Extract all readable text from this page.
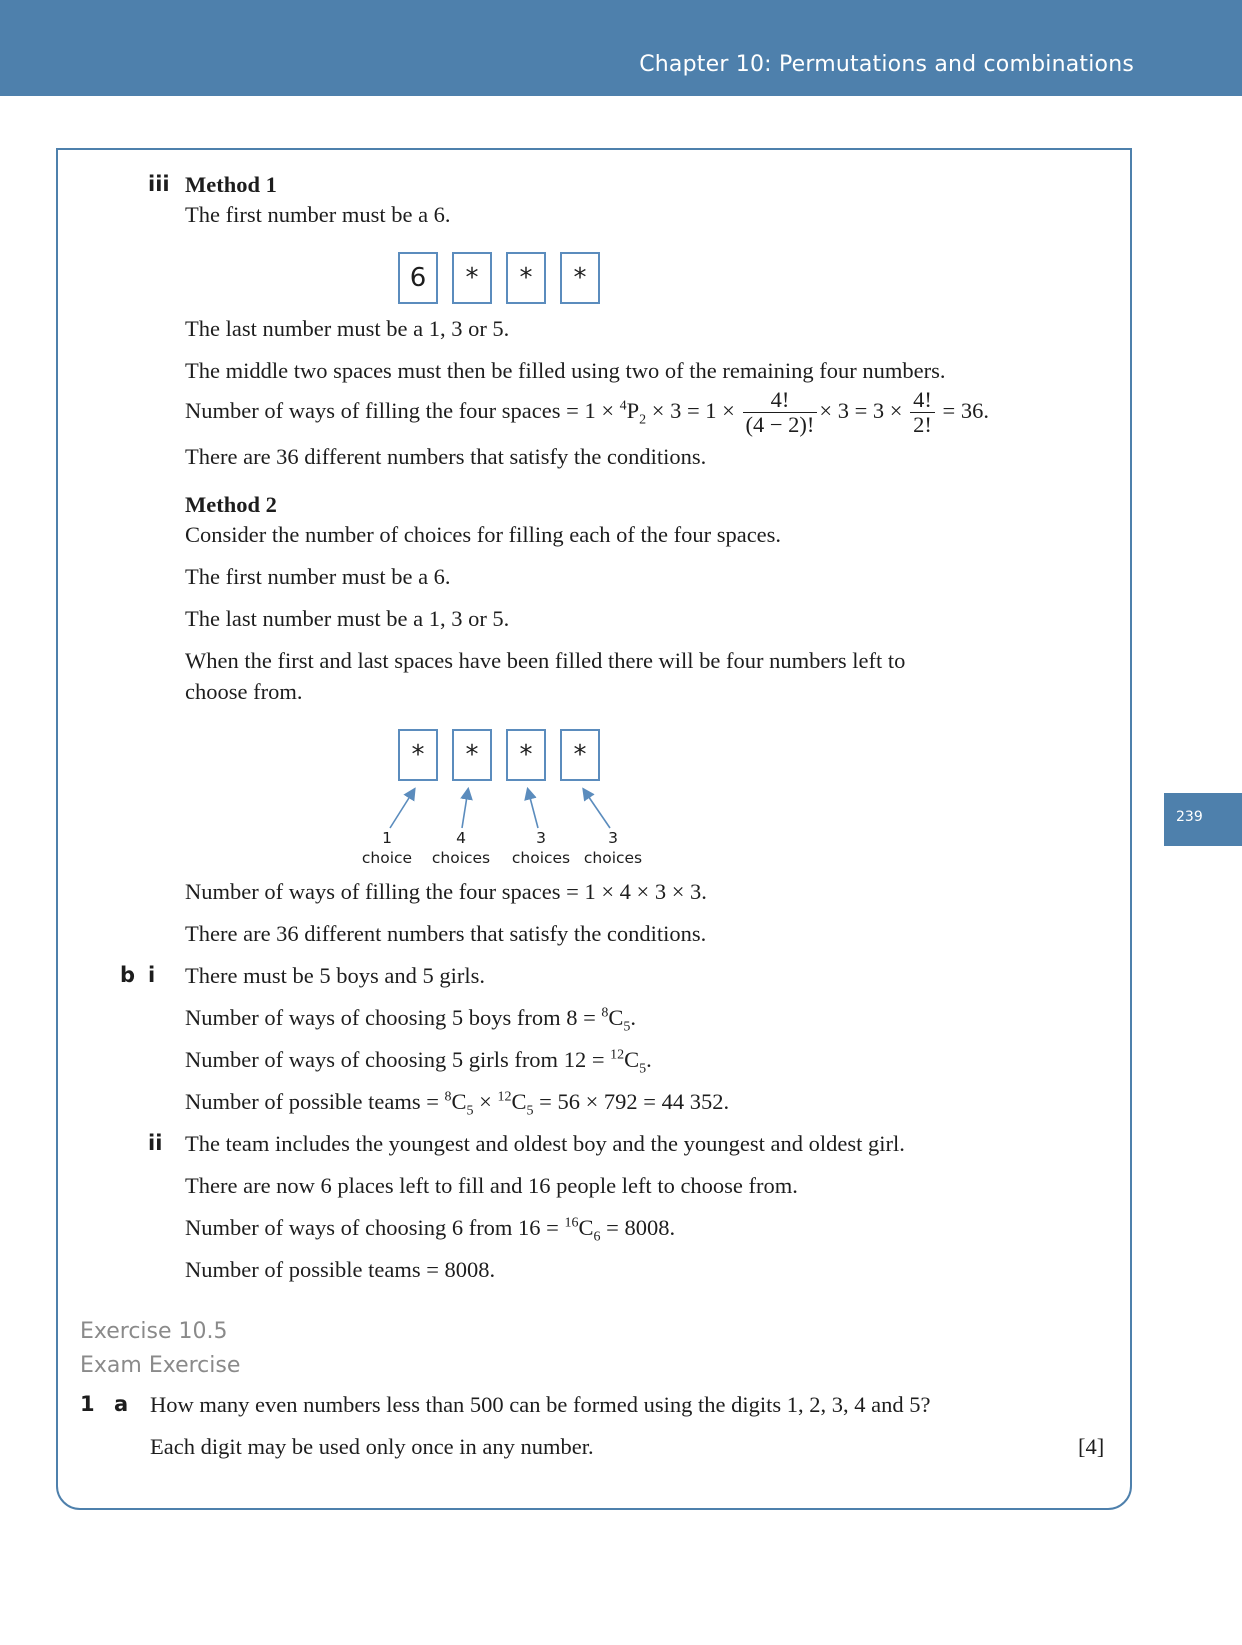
Chapter 10: Permutations and combinations
239
iii Method 1
The first number must be a 6.
6	*	*	*
The last number must be a 1, 3 or 5.
The middle two spaces must then be filled using two of the remaining four numbers.
Number of ways of filling the four spaces = $1 \times ^4P_2 \times 3 = 1 \times \frac{4!}{(4 - 2)!} \times 3 = 3 \times \frac{4!}{2!} = 36$.
There are 36 different numbers that satisfy the conditions.
Method 2
Consider the number of choices for filling each of the four spaces.
The first number must be a 6.
The last number must be a 1, 3 or 5.
When the first and last spaces have been filled there will be four numbers left to
choose from.
*	*	*	*
1
choice
4
choices
3
choices
3
choices
Number of ways of filling the four spaces = 1 × 4 × 3 × 3.
There are 36 different numbers that satisfy the conditions.
b i There must be 5 boys and 5 girls.
Number of ways of choosing 5 boys from $8 = ^8C_5$.
Number of ways of choosing 5 girls from $12 = ^{12}C_5$.
Number of possible teams = $^8C_5 \times ^{12}C_5 = 56 \times 792 = 44$ 352.
ii The team includes the youngest and oldest boy and the youngest and oldest girl.
There are now 6 places left to fill and 16 people left to choose from.
Number of ways of choosing 6 from $16 = ^{16}C_6 = 8008$.
Number of possible teams = 8008.
Exercise 10.5
Exam Exercise
1 a How many even numbers less than 500 can be formed using the digits 1, 2, 3, 4 and 5?
Each digit may be used only once in any number.	[4]
